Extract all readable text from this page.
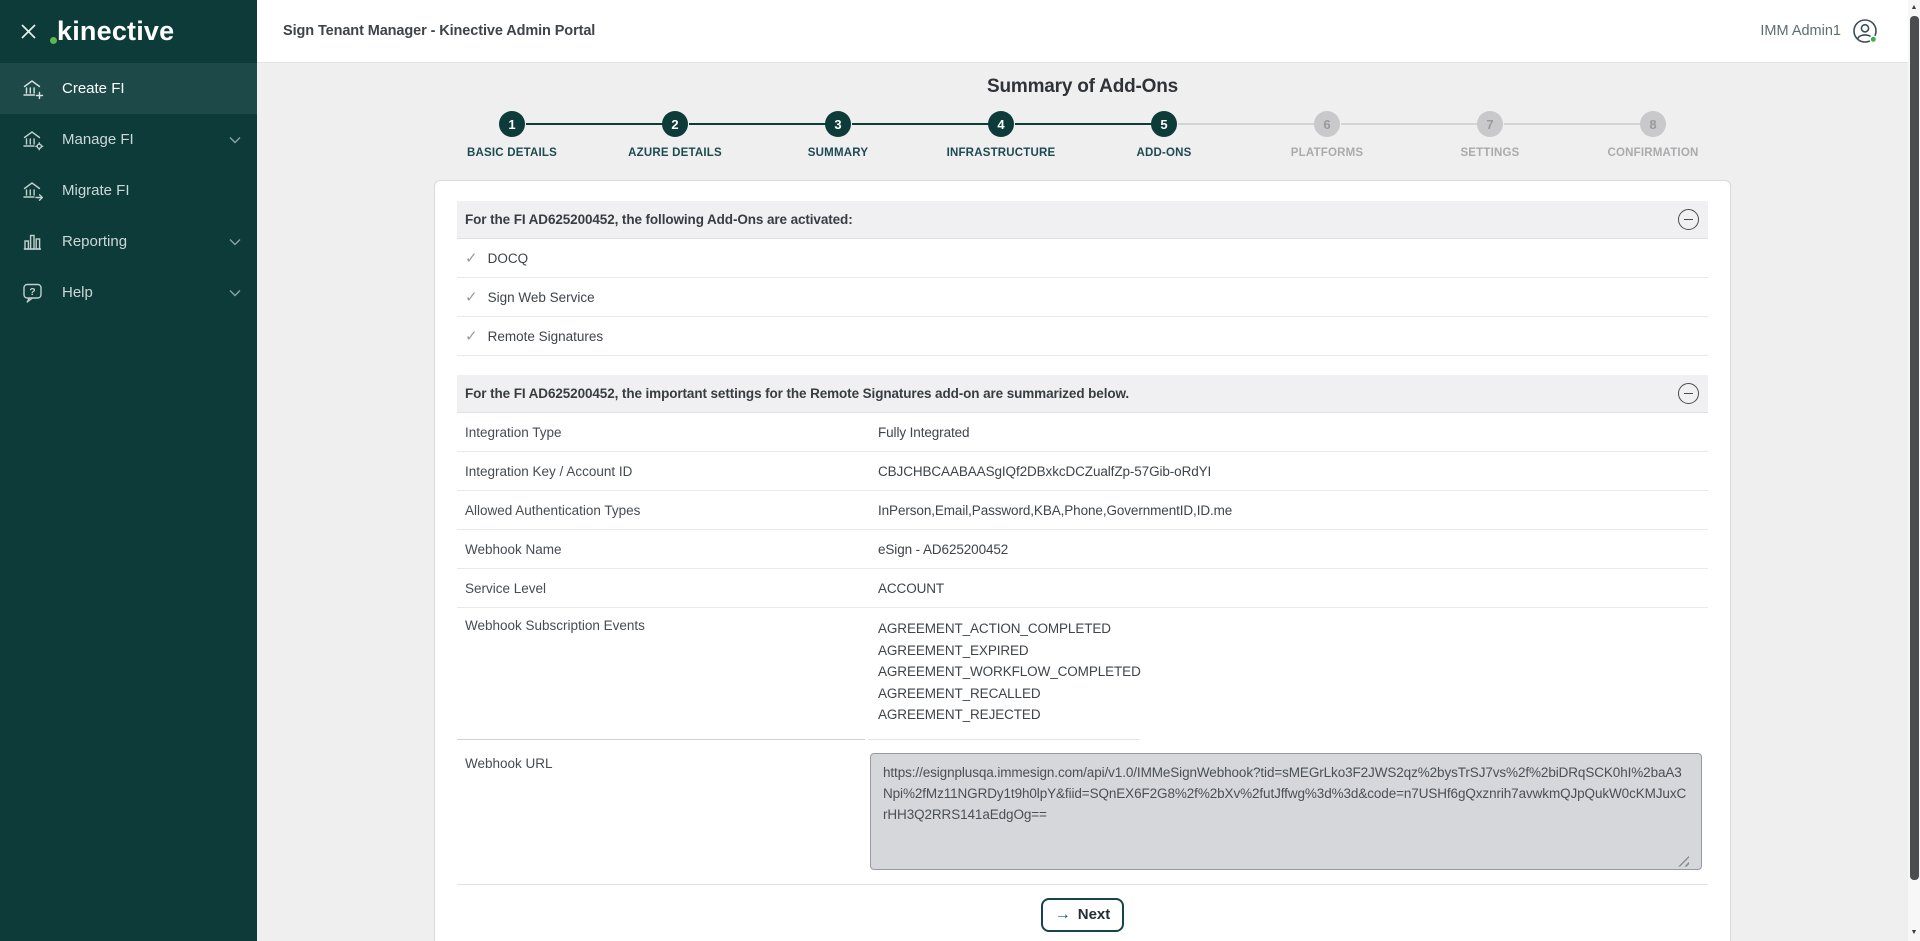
kinective
Create FI
Manage FI
Migrate FI
Reporting
? Help
Sign Tenant Manager - Kinective Admin Portal	IMM Admin1
Summary of Add-Ons
1
BASIC DETAILS
2
AZURE DETAILS
3
SUMMARY
4
INFRASTRUCTURE
5
ADD-ONS
6
PLATFORMS
7
SETTINGS
8
CONFIRMATION
For the FI AD625200452, the following Add-Ons are activated:
✓ DOCQ
✓ Sign Web Service
✓ Remote Signatures
For the FI AD625200452, the important settings for the Remote Signatures add-on are summarized below.
Integration Type	Fully Integrated
Integration Key / Account ID	CBJCHBCAABAASgIQf2DBxkcDCZualfZp-57Gib-oRdYI
Allowed Authentication Types	InPerson,Email,Password,KBA,Phone,GovernmentID,ID.me
Webhook Name	eSign - AD625200452
Service Level	ACCOUNT
Webhook Subscription Events	AGREEMENT_ACTION_COMPLETED
AGREEMENT_EXPIRED
AGREEMENT_WORKFLOW_COMPLETED
AGREEMENT_RECALLED
AGREEMENT_REJECTED
Webhook URL
https://esignplusqa.immesign.com/api/v1.0/IMMeSignWebhook?tid=sMEGrLko3F2JWS2qz%2bysTrSJ7vs%2f%2biDRqSCK0hI%2baA3Npi%2fMz11NGRDy1t9h0lpY&fiid=SQnEX6F2G8%2f%2bXv%2futJffwg%3d%3d&code=n7USHf6gQxznrih7avwkmQJpQukW0cKMJuxCrHH3Q2RRS141aEdgOg==
→ Next
▲
▼
